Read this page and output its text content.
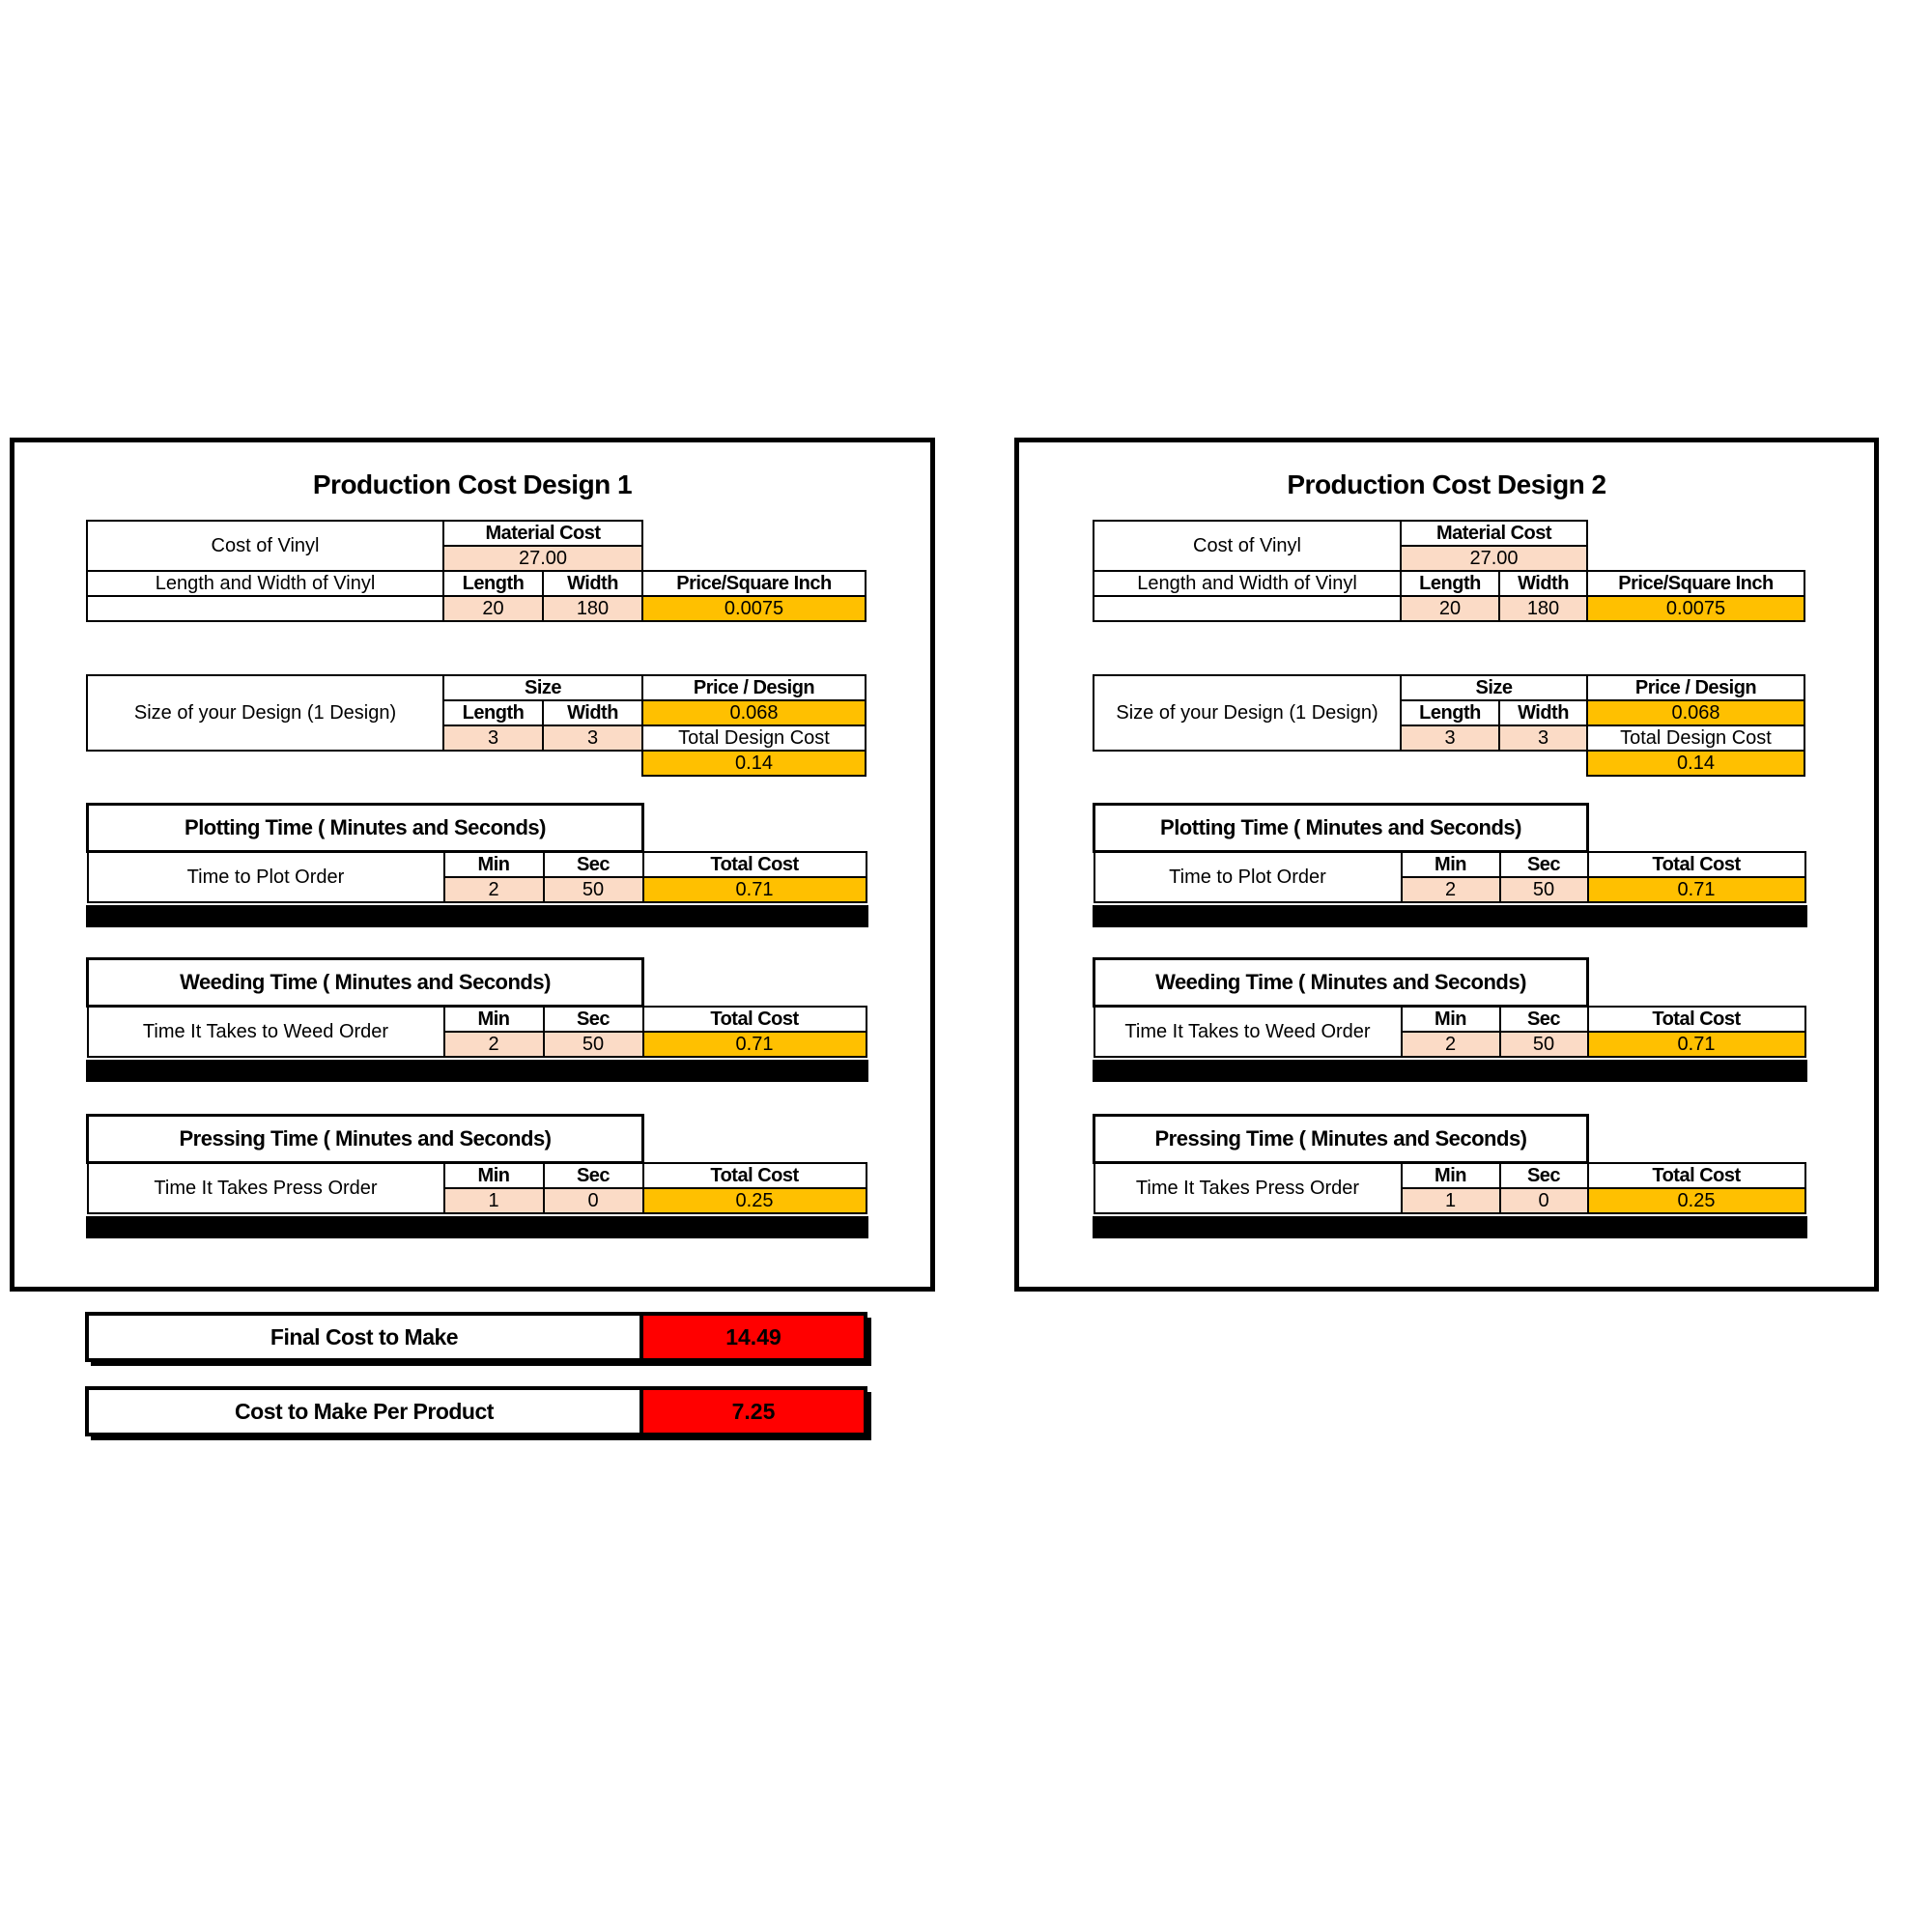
Production Cost Design 1
Cost of Vinyl	Material Cost		
	27.00		
Length and Width of Vinyl	Length	Width	Price/Square Inch
	20	180	0.0075
Size of your Design (1 Design)	Size		Price / Design
	Length	Width	0.068
	3	3	Total Design Cost
			0.14
Plotting Time ( Minutes and Seconds)			
Time to Plot Order	Min	Sec	Total Cost
	2	50	0.71
Weeding Time ( Minutes and Seconds)			
Time It Takes to Weed Order	Min	Sec	Total Cost
	2	50	0.71
Pressing Time ( Minutes and Seconds)			
Time It Takes Press Order	Min	Sec	Total Cost
	1	0	0.25
Production Cost Design 2
Cost of Vinyl	Material Cost		
	27.00		
Length and Width of Vinyl	Length	Width	Price/Square Inch
	20	180	0.0075
Size of your Design (1 Design)	Size		Price / Design
	Length	Width	0.068
	3	3	Total Design Cost
			0.14
Plotting Time ( Minutes and Seconds)			
Time to Plot Order	Min	Sec	Total Cost
	2	50	0.71
Weeding Time ( Minutes and Seconds)			
Time It Takes to Weed Order	Min	Sec	Total Cost
	2	50	0.71
Pressing Time ( Minutes and Seconds)			
Time It Takes Press Order	Min	Sec	Total Cost
	1	0	0.25
Final Cost to Make	14.49
Cost to Make Per Product	7.25
